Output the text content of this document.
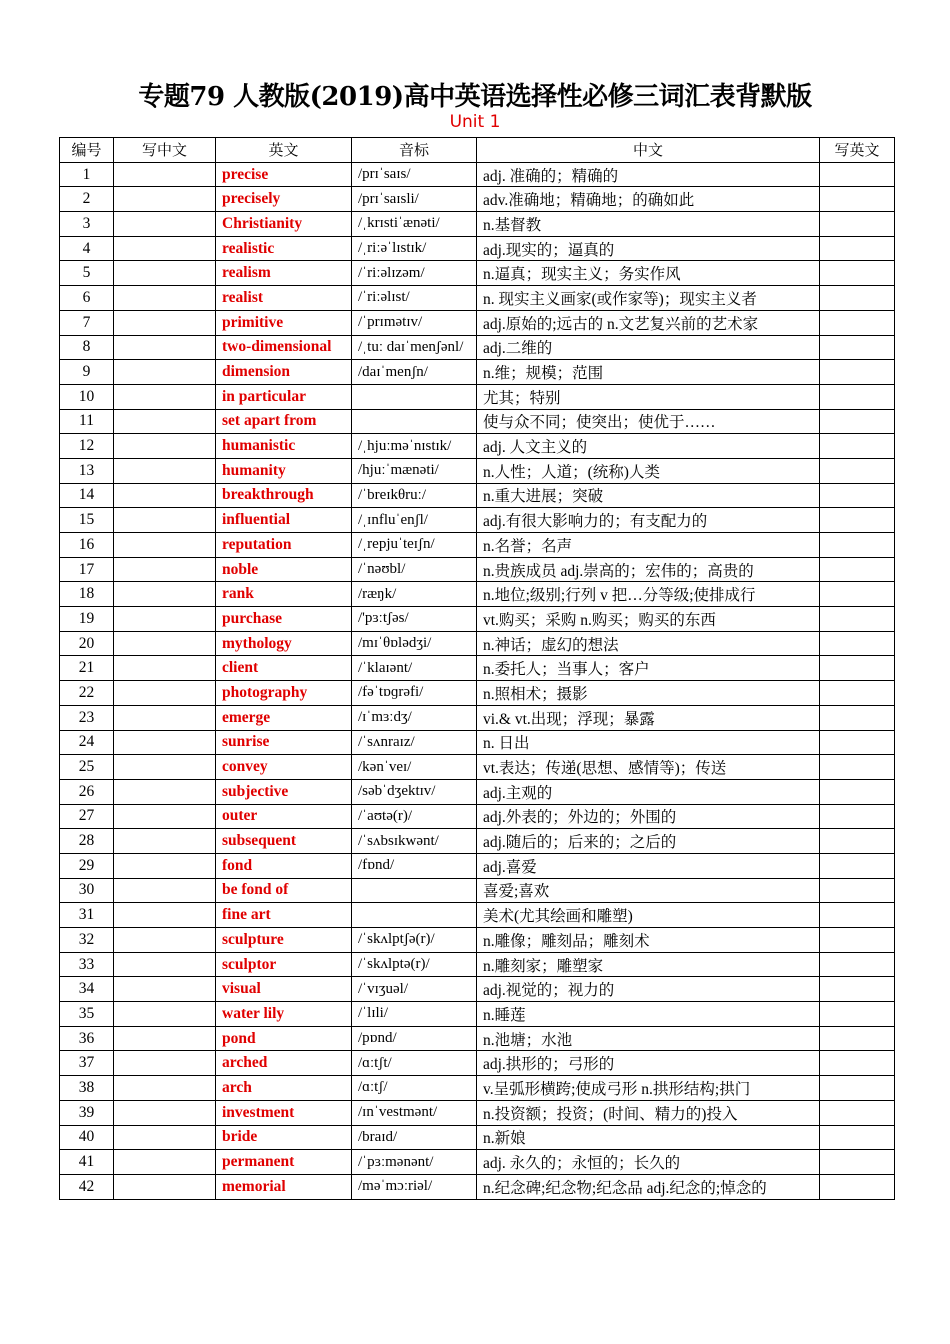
专题79 人教版(2019)高中英语选择性必修三词汇表背默版
Unit 1
编号	写中文	英文	音标	中文	写英文
1		precise	/prɪˈsaɪs/	adj. 准确的；精确的	
2		precisely	/prɪˈsaɪsli/	adv.准确地；精确地；的确如此	
3		Christianity	/ˌkrɪstiˈænəti/	n.基督教	
4		realistic	/ˌriːəˈlɪstɪk/	adj.现实的；逼真的	
5		realism	/ˈriːəlɪzəm/	n.逼真；现实主义；务实作风	
6		realist	/ˈriːəlɪst/	n. 现实主义画家(或作家等)；现实主义者	
7		primitive	/ˈprɪmətɪv/	adj.原始的;远古的 n.文艺复兴前的艺术家	
8		two-dimensional	/ˌtuː daɪˈmenʃənl/	adj.二维的	
9		dimension	/daɪˈmenʃn/	n.维；规模；范围	
10		in particular		尤其；特别	
11		set apart from		使与众不同；使突出；使优于……	
12		humanistic	/ˌhjuːməˈnɪstɪk/	adj. 人文主义的	
13		humanity	/hjuːˈmænəti/	n.人性；人道；(统称)人类	
14		breakthrough	/ˈbreɪkθruː/	n.重大进展；突破	
15		influential	/ˌɪnfluˈenʃl/	adj.有很大影响力的；有支配力的	
16		reputation	/ˌrepjuˈteɪʃn/	n.名誉；名声	
17		noble	/ˈnəʊbl/	n.贵族成员 adj.崇高的；宏伟的；高贵的	
18		rank	/ræŋk/	n.地位;级别;行列 v 把…分等级;使排成行	
19		purchase	/'pɜːtʃəs/	vt.购买；采购 n.购买；购买的东西	
20		mythology	/mɪˈθɒlədʒi/	n.神话；虚幻的想法	
21		client	/ˈklaɪənt/	n.委托人；当事人；客户	
22		photography	/fəˈtɒɡrəfi/	n.照相术；摄影	
23		emerge	/ɪˈmɜːdʒ/	vi.& vt.出现；浮现；暴露	
24		sunrise	/ˈsʌnraɪz/	n. 日出	
25		convey	/kənˈveɪ/	vt.表达；传递(思想、感情等)；传送	
26		subjective	/səbˈdʒektɪv/	adj.主观的	
27		outer	/ˈaʊtə(r)/	adj.外表的；外边的；外围的	
28		subsequent	/ˈsʌbsɪkwənt/	adj.随后的；后来的；之后的	
29		fond	/fɒnd/	adj.喜爱	
30		be fond of		喜爱;喜欢	
31		fine art		美术(尤其绘画和雕塑)	
32		sculpture	/ˈskʌlptʃə(r)/	n.雕像；雕刻品；雕刻术	
33		sculptor	/ˈskʌlptə(r)/	n.雕刻家；雕塑家	
34		visual	/ˈvɪʒuəl/	adj.视觉的；视力的	
35		water lily	/ˈlɪli/	n.睡莲	
36		pond	/pɒnd/	n.池塘；水池	
37		arched	/ɑːtʃt/	adj.拱形的；弓形的	
38		arch	/ɑːtʃ/	v.呈弧形横跨;使成弓形 n.拱形结构;拱门	
39		investment	/ɪnˈvestmənt/	n.投资额；投资；(时间、精力的)投入	
40		bride	/braɪd/	n.新娘	
41		permanent	/ˈpɜːmənənt/	adj. 永久的；永恒的；长久的	
42		memorial	/məˈmɔːriəl/	n.纪念碑;纪念物;纪念品 adj.纪念的;悼念的	
